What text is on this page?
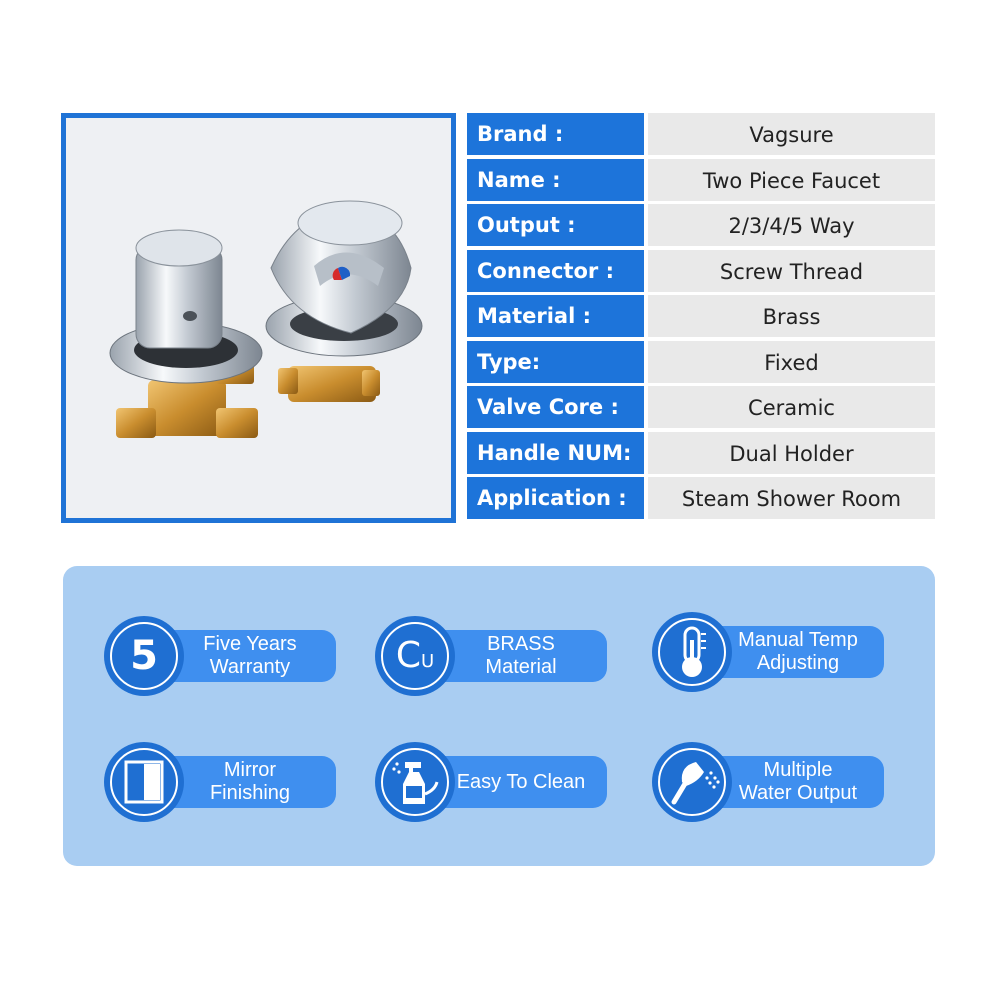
Brand :	Vagsure
Name :	Two Piece Faucet
Output :	2/3/4/5 Way
Connector :	Screw Thread
Material :	Brass
Type:	Fixed
Valve Core :	Ceramic
Handle NUM:	Dual Holder
Application :	Steam Shower Room
Five Years
Warranty
5	BRASS
Material
CU
Manual Temp
Adjusting
Mirror
Finishing
Easy To Clean
Multiple
Water Output
